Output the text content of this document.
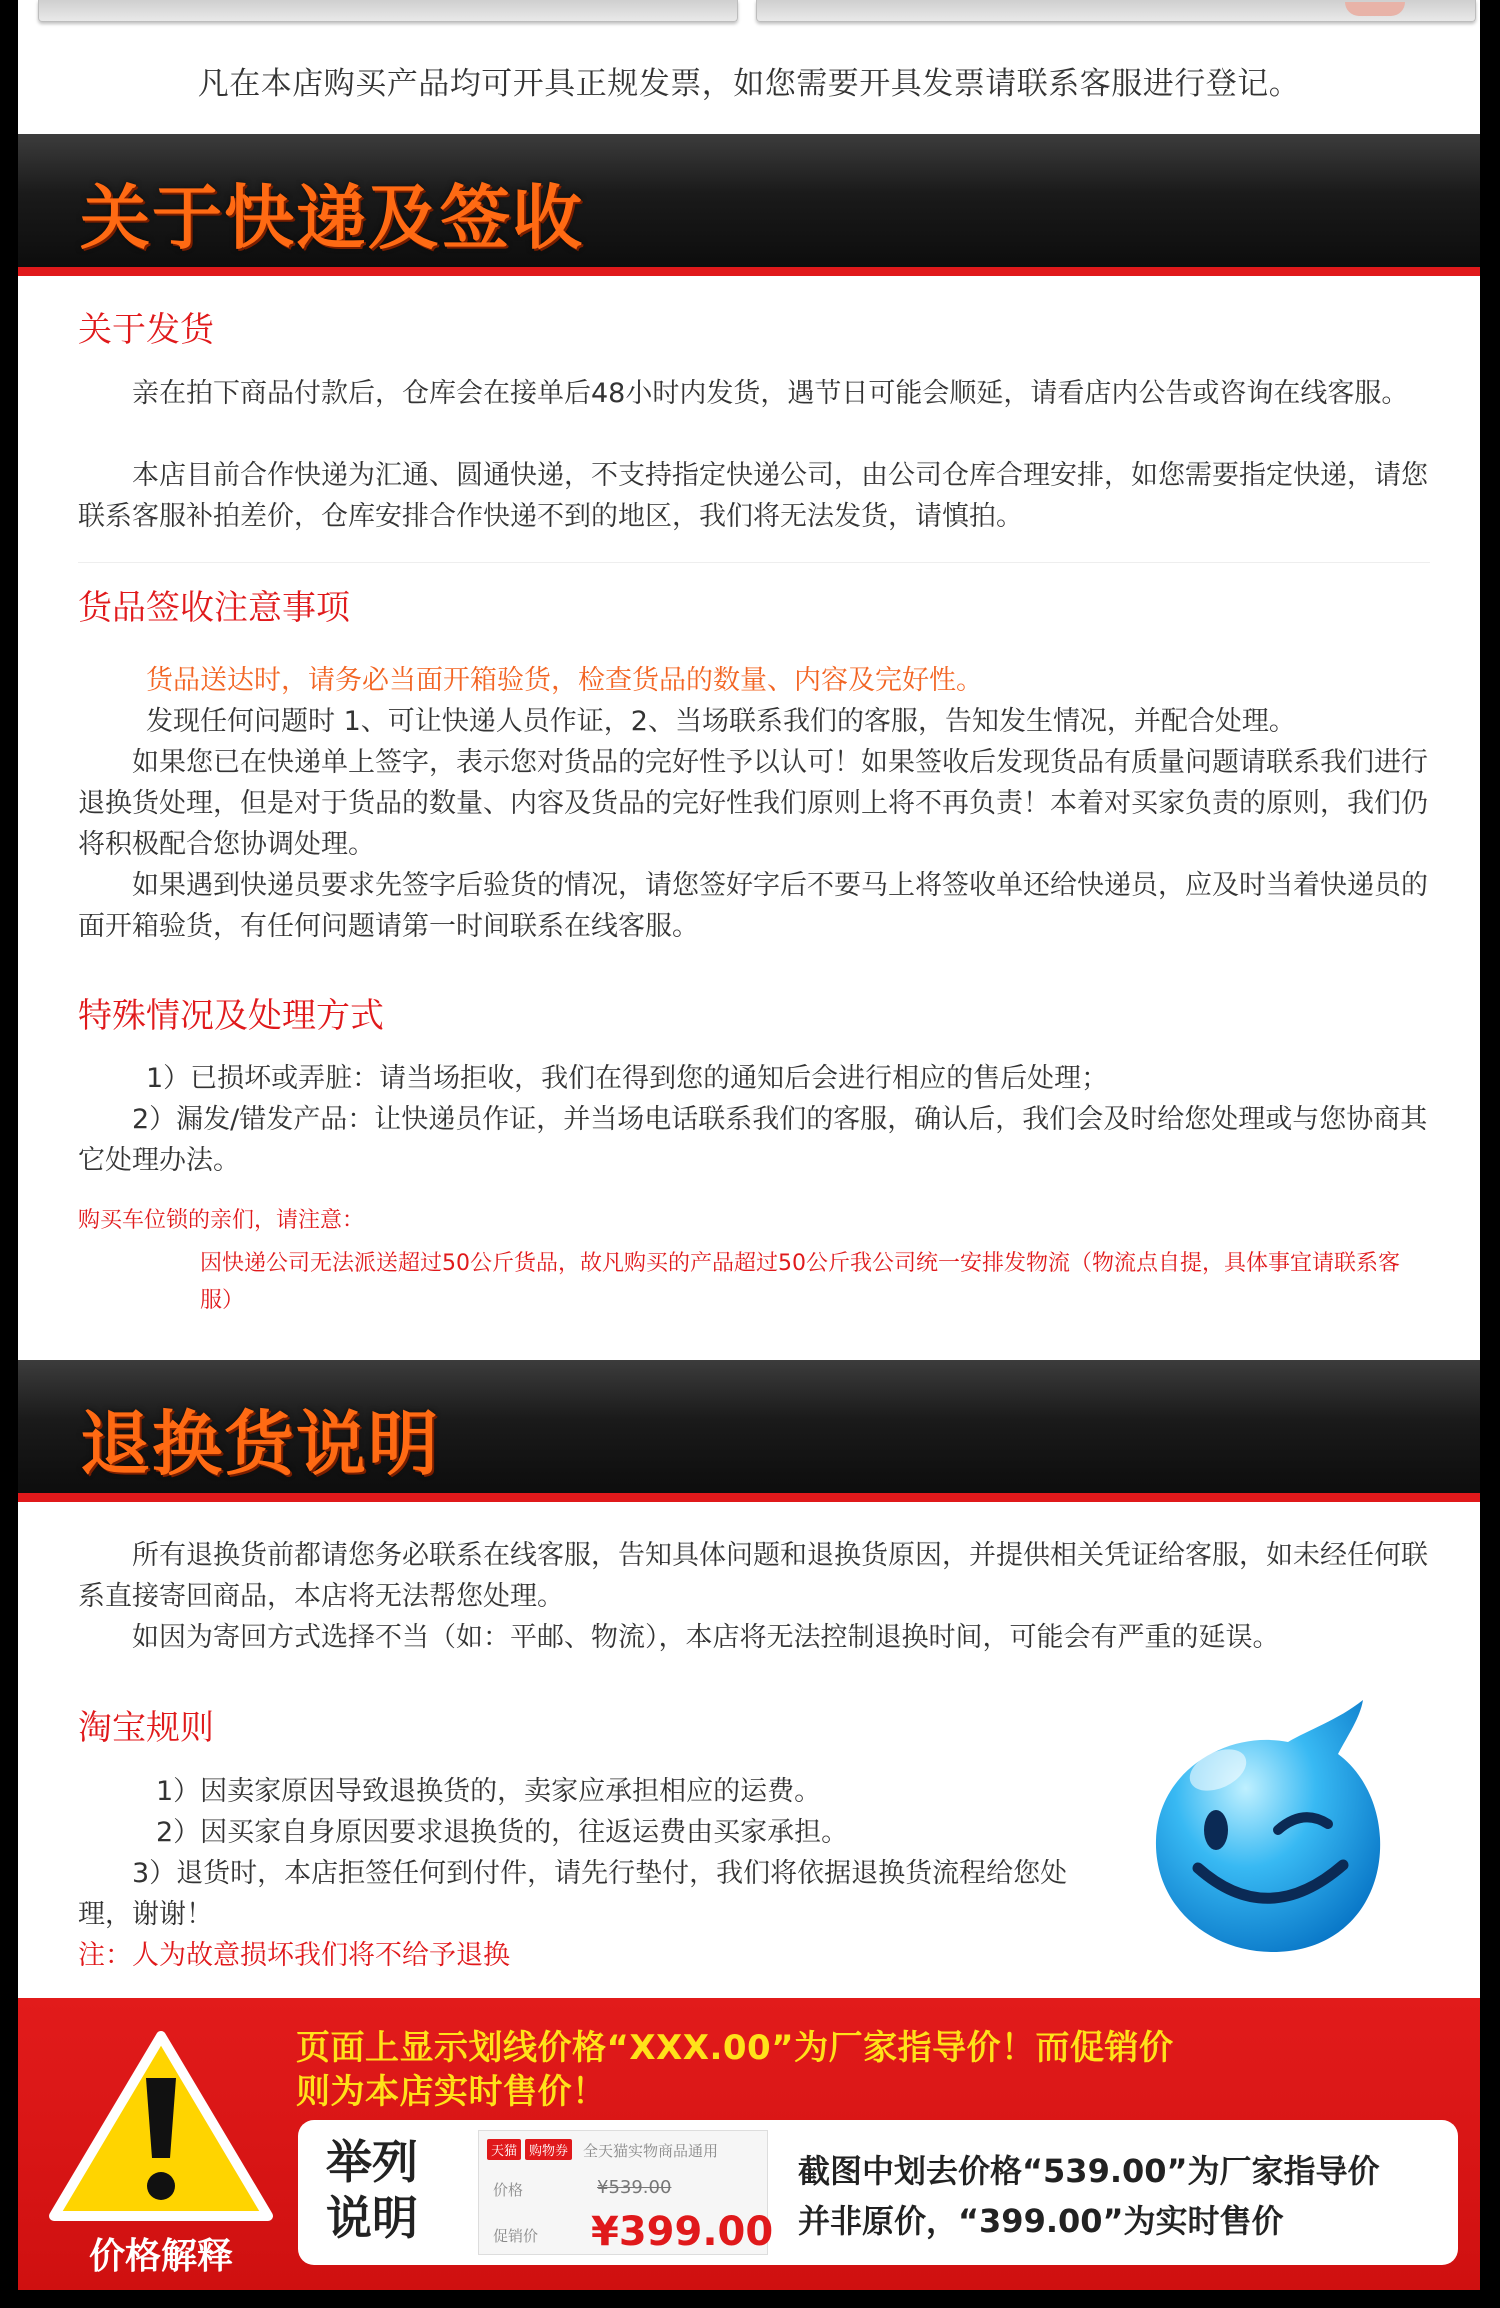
凡在本店购买产品均可开具正规发票，如您需要开具发票请联系客服进行登记。
关于快递及签收
关于发货
亲在拍下商品付款后，仓库会在接单后48小时内发货，遇节日可能会顺延，请看店内公告或咨询在线客服。
本店目前合作快递为汇通、圆通快递，不支持指定快递公司，由公司仓库合理安排，如您需要指定快递，请您联系客服补拍差价，仓库安排合作快递不到的地区，我们将无法发货，请慎拍。
货品签收注意事项
货品送达时，请务必当面开箱验货，检查货品的数量、内容及完好性。
发现任何问题时 1、可让快递人员作证，2、当场联系我们的客服，告知发生情况，并配合处理。
如果您已在快递单上签字，表示您对货品的完好性予以认可！如果签收后发现货品有质量问题请联系我们进行退换货处理，但是对于货品的数量、内容及货品的完好性我们原则上将不再负责！本着对买家负责的原则，我们仍将积极配合您协调处理。
如果遇到快递员要求先签字后验货的情况，请您签好字后不要马上将签收单还给快递员，应及时当着快递员的面开箱验货，有任何问题请第一时间联系在线客服。
特殊情况及处理方式
1）已损坏或弄脏：请当场拒收，我们在得到您的通知后会进行相应的售后处理；
2）漏发/错发产品：让快递员作证，并当场电话联系我们的客服，确认后，我们会及时给您处理或与您协商其它处理办法。
购买车位锁的亲们，请注意：
因快递公司无法派送超过50公斤货品，故凡购买的产品超过50公斤我公司统一安排发物流（物流点自提，具体事宜请联系客服）
退换货说明
所有退换货前都请您务必联系在线客服，告知具体问题和退换货原因，并提供相关凭证给客服，如未经任何联系直接寄回商品，本店将无法帮您处理。
如因为寄回方式选择不当（如：平邮、物流），本店将无法控制退换时间，可能会有严重的延误。
淘宝规则
1）因卖家原因导致退换货的，卖家应承担相应的运费。
2）因买家自身原因要求退换货的，往返运费由买家承担。
3）退货时，本店拒签任何到付件，请先行垫付，我们将依据退换货流程给您处理，谢谢！
注：人为故意损坏我们将不给予退换
价格解释
页面上显示划线价格“XXX.00”为厂家指导价！而促销价
则为本店实时售价！
举列说明
天猫 购物券 全天猫实物商品通用
价格	¥539.00
促销价 ¥399.00
截图中划去价格“539.00”为厂家指导价
并非原价，“399.00”为实时售价
